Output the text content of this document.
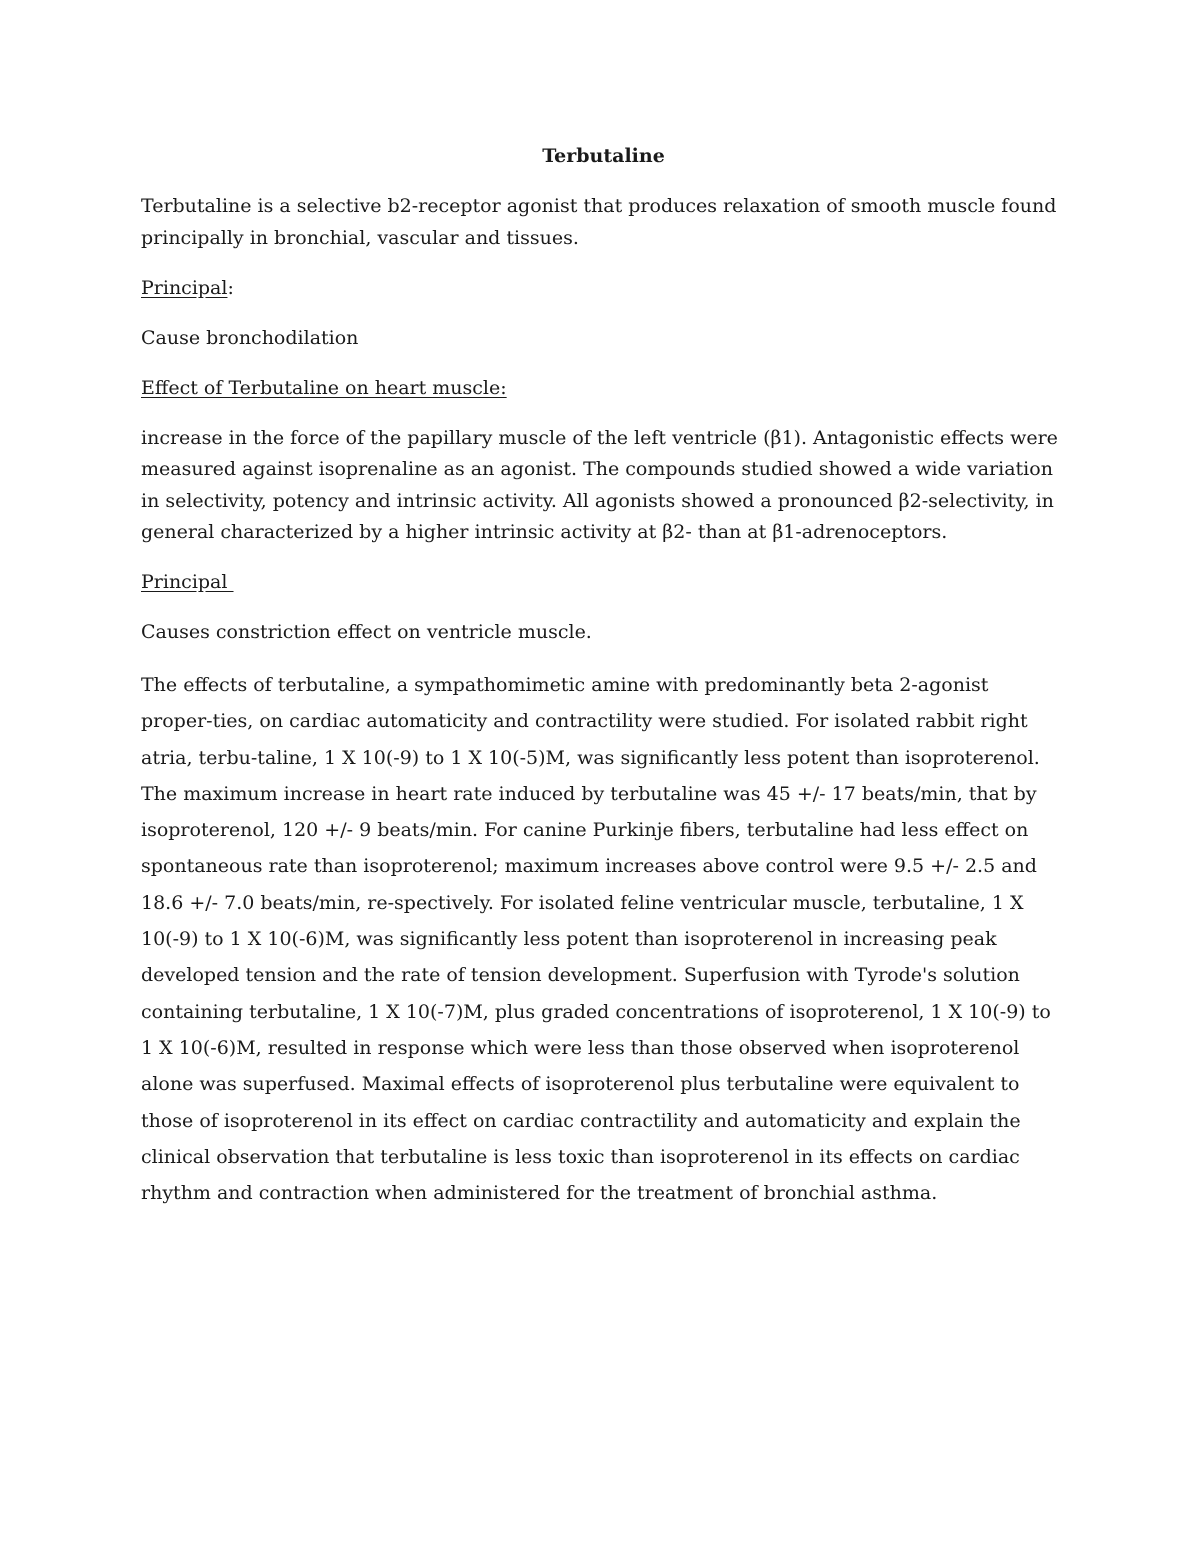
Terbutaline
Terbutaline is a selective b2-receptor agonist that produces relaxation of smooth muscle found principally in bronchial, vascular and tissues.
Principal:
Cause bronchodilation
Effect of Terbutaline on heart muscle:
increase in the force of the papillary muscle of the left ventricle (β1). Antagonistic effects were measured against isoprenaline as an agonist. The compounds studied showed a wide variation in selectivity, potency and intrinsic activity. All agonists showed a pronounced β2-selectivity, in general characterized by a higher intrinsic activity at β2- than at β1-adrenoceptors.
Principal
Causes constriction effect on ventricle muscle.
The effects of terbutaline, a sympathomimetic amine with predominantly beta 2-agonist proper-ties, on cardiac automaticity and contractility were studied. For isolated rabbit right atria, terbu-taline, 1 X 10(-9) to 1 X 10(-5)M, was significantly less potent than isoproterenol. The maximum increase in heart rate induced by terbutaline was 45 +/- 17 beats/min, that by isoproterenol, 120 +/- 9 beats/min. For canine Purkinje fibers, terbutaline had less effect on spontaneous rate than isoproterenol; maximum increases above control were 9.5 +/- 2.5 and 18.6 +/- 7.0 beats/min, re-spectively. For isolated feline ventricular muscle, terbutaline, 1 X 10(-9) to 1 X 10(-6)M, was significantly less potent than isoproterenol in increasing peak developed tension and the rate of tension development. Superfusion with Tyrode's solution containing terbutaline, 1 X 10(-7)M, plus graded concentrations of isoproterenol, 1 X 10(-9) to 1 X 10(-6)M, resulted in response which were less than those observed when isoproterenol alone was superfused. Maximal effects of isoproterenol plus terbutaline were equivalent to those of isoproterenol in its effect on cardiac contractility and automaticity and explain the clinical observation that terbutaline is less toxic than isoproterenol in its effects on cardiac rhythm and contraction when administered for the treatment of bronchial asthma.
